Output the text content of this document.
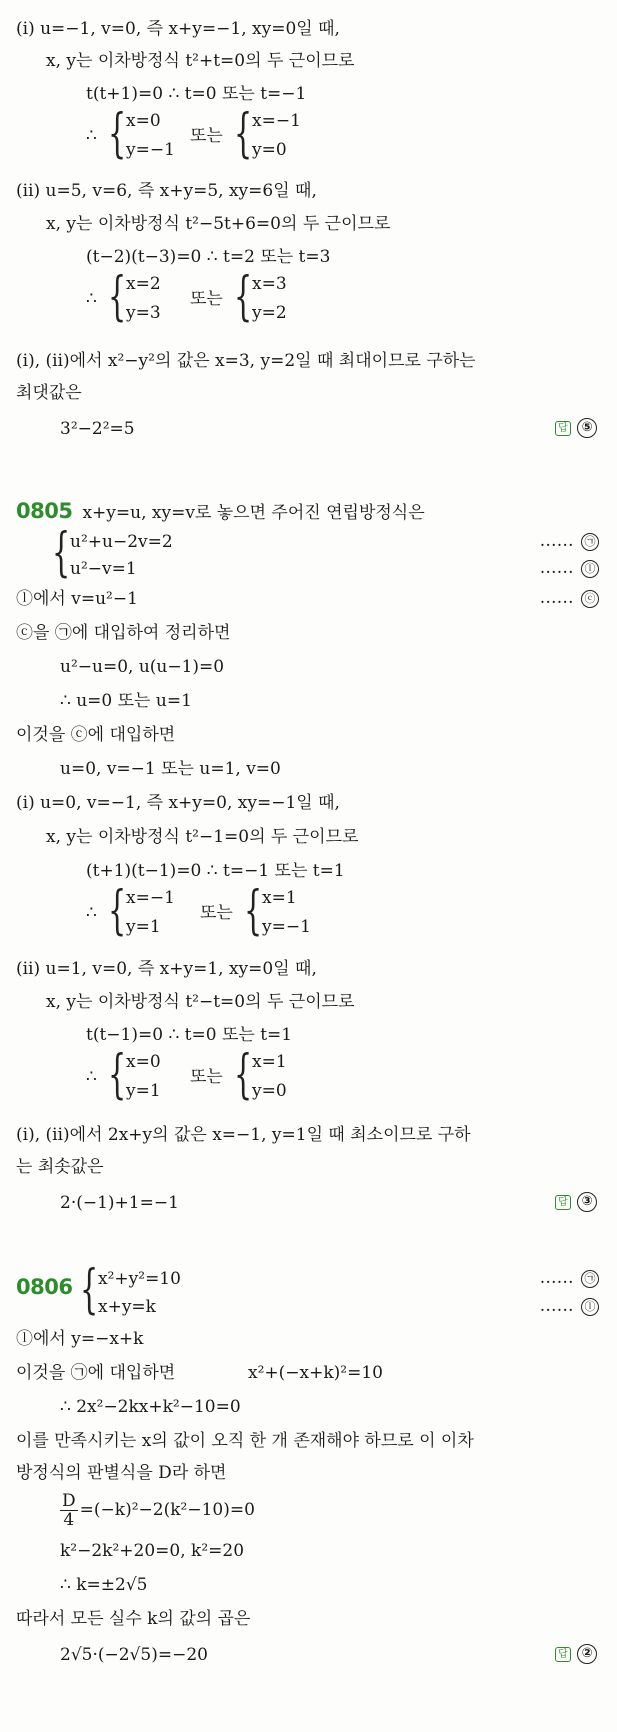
(ⅰ) u=−1, v=0, 즉 x+y=−1, xy=0일 때,
x, y는 이차방정식 t²+t=0의 두 근이므로
t(t+1)=0 ∴ t=0 또는 t=−1
∴ { x=0
y=−1
또는 { x=−1
y=0
(ⅱ) u=5, v=6, 즉 x+y=5, xy=6일 때,
x, y는 이차방정식 t²−5t+6=0의 두 근이므로
(t−2)(t−3)=0 ∴ t=2 또는 t=3
∴ { x=2
y=3
또는 { x=3
y=2
(ⅰ), (ⅱ)에서 x²−y²의 값은 x=3, y=2일 때 최대이므로 구하는
최댓값은
3²−2²=5	답 ⑤
0805 x+y=u, xy=v로 놓으면 주어진 연립방정식은
{ u²+u−2v=2	…… ㉠
u²−v=1	…… ⓛ
ⓛ에서 v=u²−1	…… ⓒ
ⓒ을 ㉠에 대입하여 정리하면
u²−u=0, u(u−1)=0
∴ u=0 또는 u=1
이것을 ⓒ에 대입하면
u=0, v=−1 또는 u=1, v=0
(ⅰ) u=0, v=−1, 즉 x+y=0, xy=−1일 때,
x, y는 이차방정식 t²−1=0의 두 근이므로
(t+1)(t−1)=0 ∴ t=−1 또는 t=1
∴ { x=−1
y=1
또는 { x=1
y=−1
(ⅱ) u=1, v=0, 즉 x+y=1, xy=0일 때,
x, y는 이차방정식 t²−t=0의 두 근이므로
t(t−1)=0 ∴ t=0 또는 t=1
∴ { x=0
y=1
또는 { x=1
y=0
(ⅰ), (ⅱ)에서 2x+y의 값은 x=−1, y=1일 때 최소이므로 구하
는 최솟값은
2·(−1)+1=−1	답 ③
0806 { x²+y²=10	…… ㉠
x+y=k	…… ⓛ
ⓛ에서 y=−x+k
이것을 ㉠에 대입하면	x²+(−x+k)²=10
∴ 2x²−2kx+k²−10=0
이를 만족시키는 x의 값이 오직 한 개 존재해야 하므로 이 이차
방정식의 판별식을 D라 하면
$\frac{D}{4} =(-k)^2-2(k^2-10)=0$
k²−2k²+20=0, k²=20
∴ k=±2√5
따라서 모든 실수 k의 값의 곱은
2√5·(−2√5)=−20	답 ②
